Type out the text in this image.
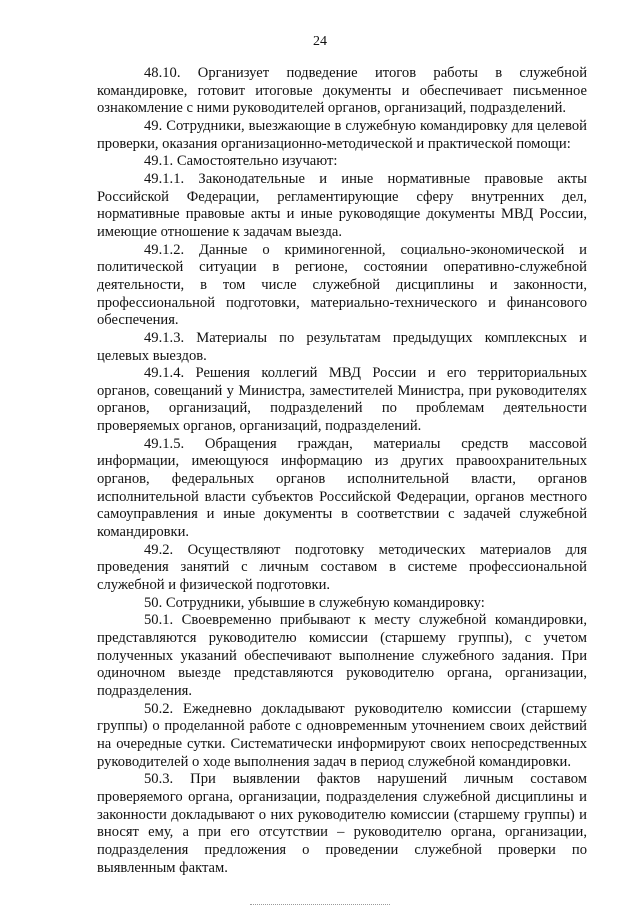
24

48.10. Организует подведение итогов работы в служебной командировке, готовит итоговые документы и обеспечивает письменное ознакомление с ними руководителей органов, организаций, подразделений.

49. Сотрудники, выезжающие в служебную командировку для целевой проверки, оказания организационно-методической и практической помощи:

49.1. Самостоятельно изучают:

49.1.1. Законодательные и иные нормативные правовые акты Российской Федерации, регламентирующие сферу внутренних дел, нормативные правовые акты и иные руководящие документы МВД России, имеющие отношение к задачам выезда.

49.1.2. Данные о криминогенной, социально-экономической и политической ситуации в регионе, состоянии оперативно-служебной деятельности, в том числе служебной дисциплины и законности, профессиональной подготовки, материально-технического и финансового обеспечения.

49.1.3. Материалы по результатам предыдущих комплексных и целевых выездов.

49.1.4. Решения коллегий МВД России и его территориальных органов, совещаний у Министра, заместителей Министра, при руководителях органов, организаций, подразделений по проблемам деятельности проверяемых органов, организаций, подразделений.

49.1.5. Обращения граждан, материалы средств массовой информации, имеющуюся информацию из других правоохранительных органов, федеральных органов исполнительной власти, органов исполнительной власти субъектов Российской Федерации, органов местного самоуправления и иные документы в соответствии с задачей служебной командировки.

49.2. Осуществляют подготовку методических материалов для проведения занятий с личным составом в системе профессиональной служебной и физической подготовки.

50. Сотрудники, убывшие в служебную командировку:

50.1. Своевременно прибывают к месту служебной командировки, представляются руководителю комиссии (старшему группы), с учетом полученных указаний обеспечивают выполнение служебного задания. При одиночном выезде представляются руководителю органа, организации, подразделения.

50.2. Ежедневно докладывают руководителю комиссии (старшему группы) о проделанной работе с одновременным уточнением своих действий на очередные сутки. Систематически информируют своих непосредственных руководителей о ходе выполнения задач в период служебной командировки.

50.3. При выявлении фактов нарушений личным составом проверяемого органа, организации, подразделения служебной дисциплины и законности докладывают о них руководителю комиссии (старшему группы) и вносят ему, а при его отсутствии – руководителю органа, организации, подразделения предложения о проведении служебной проверки по выявленным фактам.
